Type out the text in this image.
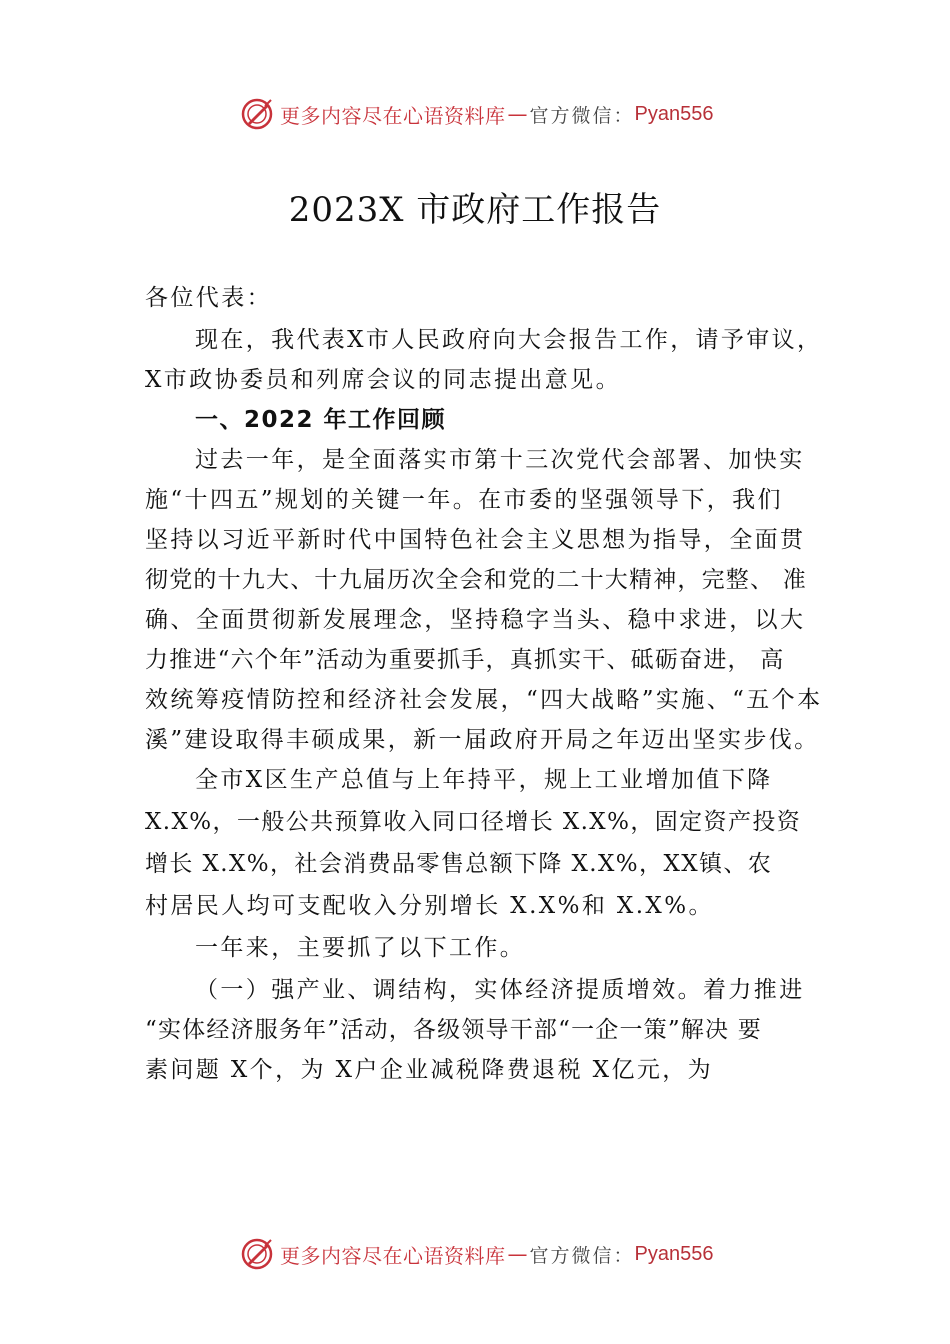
更多内容尽在心语资料库 — 官方微信： Pyan556
2023X 市政府工作报告
各位代表：
现在，我代表X市人民政府向大会报告工作，请予审议，
X市政协委员和列席会议的同志提出意见。
一、2022 年工作回顾
过去一年，是全面落实市第十三次党代会部署、加快实
施“十四五”规划的关键一年。在市委的坚强领导下，我们
坚持以习近平新时代中国特色社会主义思想为指导，全面贯
彻党的十九大、十九届历次全会和党的二十大精神，完整、 准
确、全面贯彻新发展理念，坚持稳字当头、稳中求进，以大
力推进“六个年”活动为重要抓手，真抓实干、砥砺奋进， 高
效统筹疫情防控和经济社会发展，“四大战略”实施、“五个本
溪”建设取得丰硕成果，新一届政府开局之年迈出坚实步伐。
全市X区生产总值与上年持平，规上工业增加值下降
X.X%，一般公共预算收入同口径增长 X.X%，固定资产投资
增长 X.X%，社会消费品零售总额下降 X.X%，XX镇、农
村居民人均可支配收入分别增长 X.X%和 X.X%。
一年来，主要抓了以下工作。
（一）强产业、调结构，实体经济提质增效。着力推进
“实体经济服务年”活动，各级领导干部“一企一策”解决 要
素问题 X个，为 X户企业减税降费退税 X亿元，为
更多内容尽在心语资料库 — 官方微信： Pyan556
